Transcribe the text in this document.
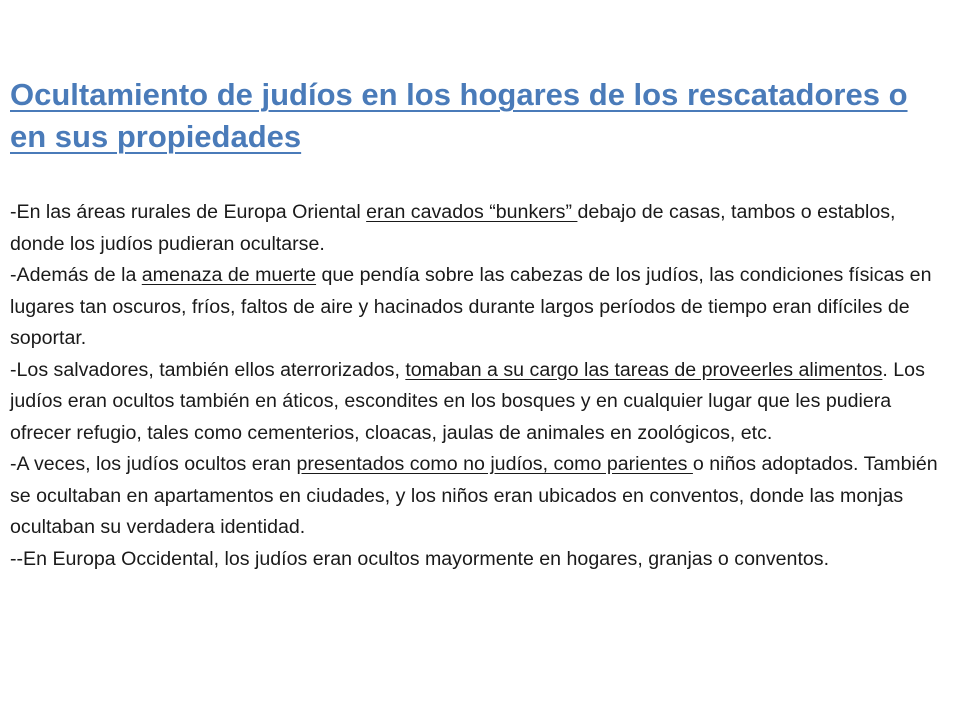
Ocultamiento de judíos en los hogares de los rescatadores o en sus propiedades

-En las áreas rurales de Europa Oriental eran cavados “bunkers” debajo de casas, tambos o establos, donde los judíos pudieran ocultarse.

-Además de la amenaza de muerte que pendía sobre las cabezas de los judíos, las condiciones físicas en lugares tan oscuros, fríos, faltos de aire y hacinados durante largos períodos de tiempo eran difíciles de soportar.

-Los salvadores, también ellos aterrorizados, tomaban a su cargo las tareas de proveerles alimentos. Los judíos eran ocultos también en áticos, escondites en los bosques y en cualquier lugar que les pudiera ofrecer refugio, tales como cementerios, cloacas, jaulas de animales en zoológicos, etc.

-A veces, los judíos ocultos eran presentados como no judíos, como parientes o niños adoptados. También se ocultaban en apartamentos en ciudades, y los niños eran ubicados en conventos, donde las monjas ocultaban su verdadera identidad.

--En Europa Occidental, los judíos eran ocultos mayormente en hogares, granjas o conventos.
